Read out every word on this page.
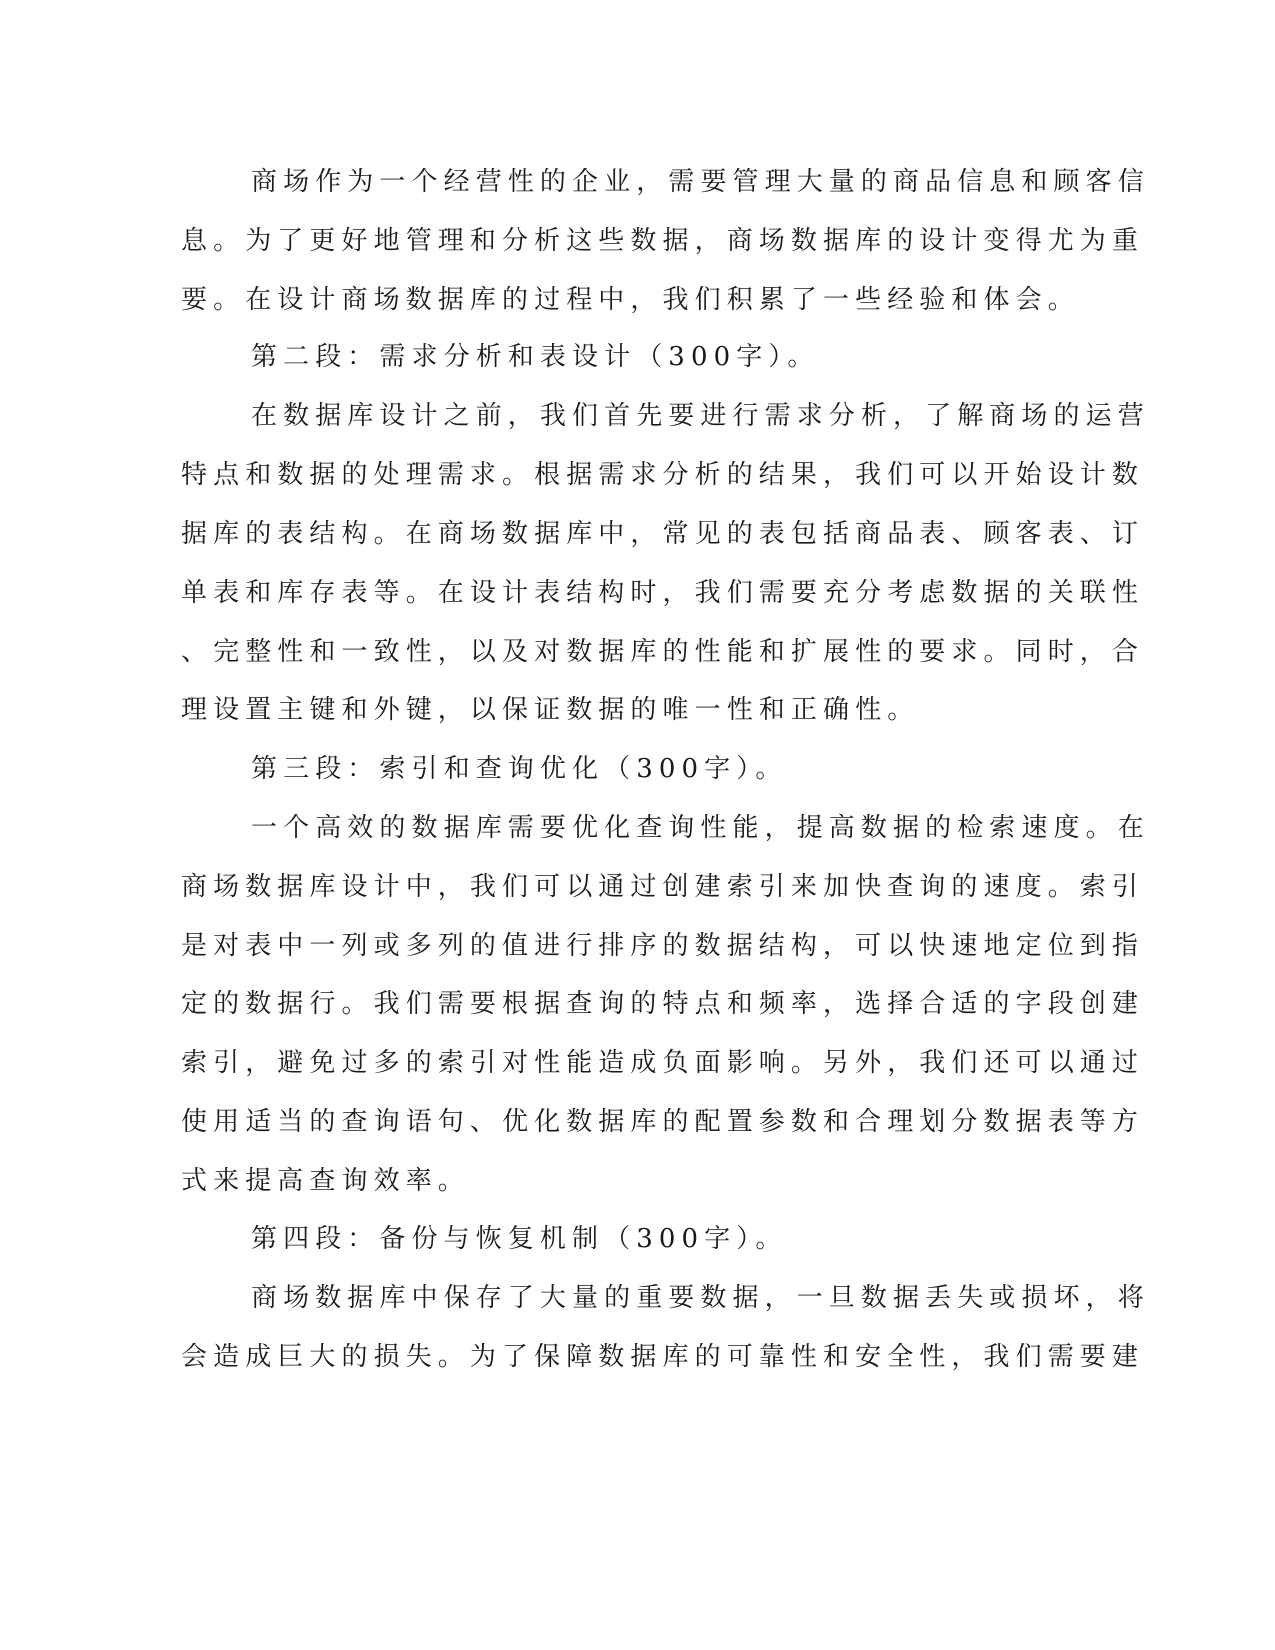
商场作为一个经营性的企业，需要管理大量的商品信息和顾客信
息。为了更好地管理和分析这些数据，商场数据库的设计变得尤为重
要。在设计商场数据库的过程中，我们积累了一些经验和体会。
第二段：需求分析和表设计（300字）。
在数据库设计之前，我们首先要进行需求分析，了解商场的运营
特点和数据的处理需求。根据需求分析的结果，我们可以开始设计数
据库的表结构。在商场数据库中，常见的表包括商品表、顾客表、订
单表和库存表等。在设计表结构时，我们需要充分考虑数据的关联性
、完整性和一致性，以及对数据库的性能和扩展性的要求。同时，合
理设置主键和外键，以保证数据的唯一性和正确性。
第三段：索引和查询优化（300字）。
一个高效的数据库需要优化查询性能，提高数据的检索速度。在
商场数据库设计中，我们可以通过创建索引来加快查询的速度。索引
是对表中一列或多列的值进行排序的数据结构，可以快速地定位到指
定的数据行。我们需要根据查询的特点和频率，选择合适的字段创建
索引，避免过多的索引对性能造成负面影响。另外，我们还可以通过
使用适当的查询语句、优化数据库的配置参数和合理划分数据表等方
式来提高查询效率。
第四段：备份与恢复机制（300字）。
商场数据库中保存了大量的重要数据，一旦数据丢失或损坏，将
会造成巨大的损失。为了保障数据库的可靠性和安全性，我们需要建
